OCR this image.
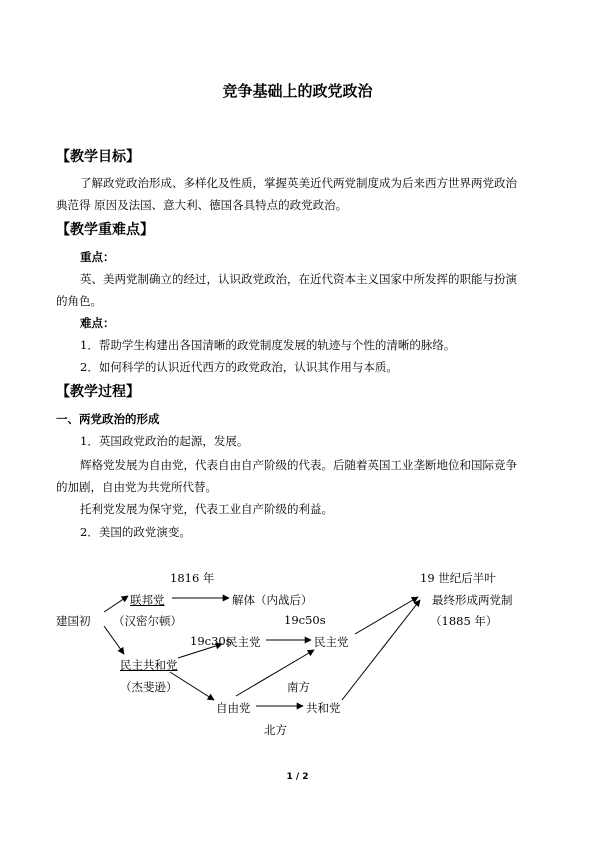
竞争基础上的政党政治
【教学目标】
了解政党政治形成、多样化及性质，掌握英美近代两党制度成为后来西方世界两党政治
典范得 原因及法国、意大利、德国各具特点的政党政治。
【教学重难点】
重点：
英、美两党制确立的经过，认识政党政治，在近代资本主义国家中所发挥的职能与扮演
的角色。
难点：
1．帮助学生构建出各国清晰的政党制度发展的轨迹与个性的清晰的脉络。
2．如何科学的认识近代西方的政党政治，认识其作用与本质。
【教学过程】
一、两党政治的形成
1．英国政党政治的起源，发展。
辉格党发展为自由党，代表自由自产阶级的代表。后随着英国工业垄断地位和国际竞争
的加剧，自由党为共党所代替。
托利党发展为保守党，代表工业自产阶级的利益。
2．美国的政党演变。
1816 年
联邦党
（汉密尔顿）
解体（内战后）
建国初
19c30s
民主党
19c50s
民主党
民主共和党
（杰斐逊）	南方
自由党	共和党
北方
19 世纪后半叶
最终形成两党制
（1885 年）
1 / 2
